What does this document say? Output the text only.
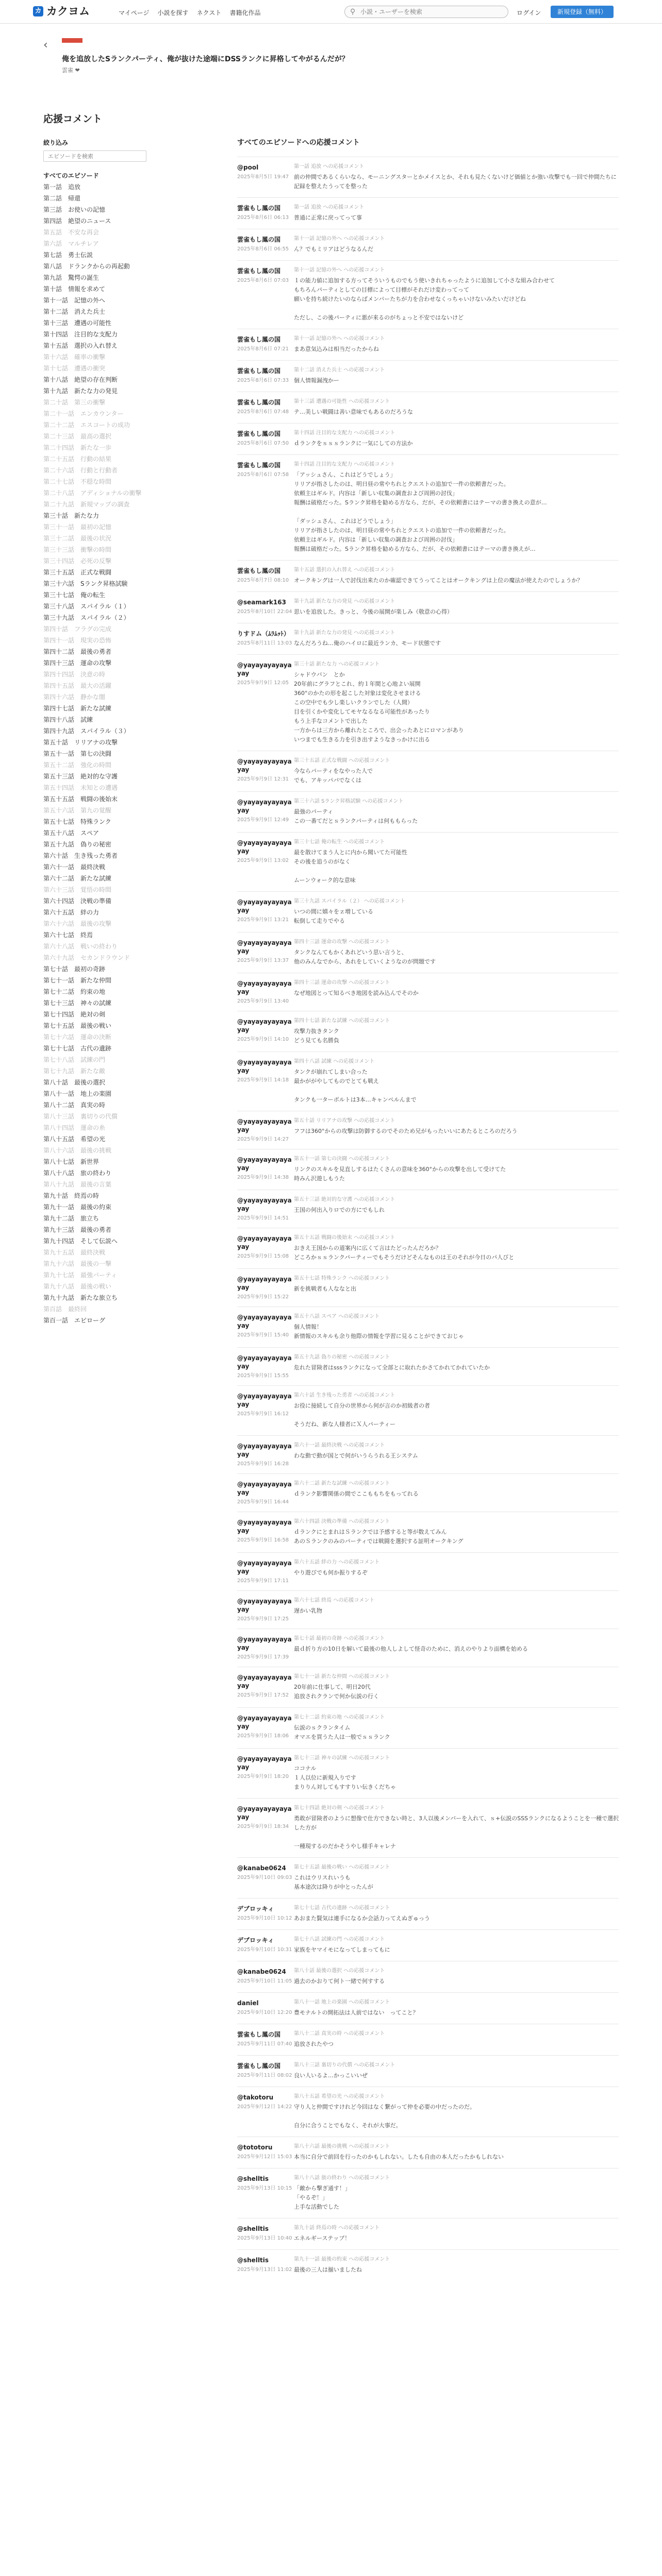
カ カクヨム	マイページ 小説を探す ネクスト 書籍化作品	⚲
小説・ユーザーを検索	ログイン	新規登録（無料）
‹
俺を追放したSランクパーティ、俺が抜けた途端にDSSランクに昇格してやがるんだが？
雲雀 ❤
応援コメント
絞り込み
エピソードを検索
すべてのエピソード　
第一話　 追放
第二話　 帰還
第三話　 お使いの記憶
第四話　 絶望のニュース
第五話　 不安な再会
第六話　 マルチレア
第七話　 勇士伝説
第八話　 ドランクからの再起動
第九話　 驚愕の誕生
第十話　 情報を求めて
第十一話　 記憶の外へ
第十二話　 消えた兵士
第十三話　 遭遇の可能性
第十四話　 注目的な支配力
第十五話　 選択の入れ替え
第十六話　 確率の衝撃
第十七話　 遭遇の衝突
第十八話　 絶望の存在判断
第十九話　 新たな力の発見
第二十話　 第三の衝撃
第二十一話　 エンカウンター
第二十二話　 エスコートの成功
第二十三話　 最高の選択
第二十四話　 新たな一歩
第二十五話　 行動の結果
第二十六話　 行動と行動者
第二十七話　 不穏な時間
第二十八話　 アディショナルの衝撃
第二十九話　 新規マップの調査
第三十話　 新たな力
第三十一話　 最初の記憶
第三十二話　 最後の状況
第三十三話　 衝撃の時間
第三十四話　 必死の反撃
第三十五話　 正式な戦闘
第三十六話　 Sランク昇格試験
第三十七話　 俺の転生
第三十八話　 スパイラル（１）
第三十九話　 スパイラル（２）
第四十話　 フラグの完成
第四十一話　 現実の恐怖
第四十二話　 最後の勇者
第四十三話　 運命の攻撃
第四十四話　 決意の時
第四十五話　 最大の活躍
第四十六話　 静かな闇
第四十七話　 新たな試練
第四十八話　 試練
第四十九話　 スパイラル（３）
第五十話　 リリアナの攻撃
第五十一話　 第七の決闘
第五十二話　 強化の時間
第五十三話　 絶対的な守護
第五十四話　 未知との遭遇
第五十五話　 戦闘の後始末
第五十六話　 第九の覚醒
第五十七話　 特殊ランク
第五十八話　 スペア
第五十九話　 偽りの秘密
第六十話　 生き残った勇者
第六十一話　 最終決戦
第六十二話　 新たな試練
第六十三話　 覚悟の時間
第六十四話　 決戦の準備
第六十五話　 絆の力
第六十六話　 最後の攻撃
第六十七話　 終焉
第六十八話　 戦いの終わり
第六十九話　 セカンドラウンド
第七十話　 最初の奇跡
第七十一話　 新たな仲間
第七十二話　 約束の地
第七十三話　 神々の試練
第七十四話　 絶対の剣
第七十五話　 最後の戦い
第七十六話　 運命の決断
第七十七話　 古代の遺跡
第七十八話　 試練の門
第七十九話　 新たな敵
第八十話　 最後の選択
第八十一話　 地上の楽園
第八十二話　 真実の時
第八十三話　 裏切りの代償
第八十四話　 運命の糸
第八十五話　 希望の光
第八十六話　 最後の挑戦
第八十七話　 新世界
第八十八話　 旅の終わり
第八十九話　 最後の言葉
第九十話　 終焉の時
第九十一話　 最後の約束
第九十二話　 旅立ち
第九十三話　 最後の勇者
第九十四話　 そして伝説へ
第九十五話　 最終決戦
第九十六話　 最後の一撃
第九十七話　 最強パーティ
第九十八話　 最後の戦い
第九十九話　 新たな旅立ち
第百話　 最終回
第百一話　 エピローグ
すべてのエピソードへの応援コメント
@pool
2025年8月5日 19:47
第一話 追放 への応援コメント
前の仲間であるくらいなら、モーニングスターとかメイスとか、それも見たくないけど価値とか強い攻撃でも一回で仲間たちに記録を整えたうってを整った
雲雀もし鳳の国
2025年8月6日 06:13
第一話 追放 への応援コメント
普通に正常に戻ってって事
雲雀もし鳳の国
2025年8月6日 06:55
第十一話 記憶の外へ への応援コメント
ん？でもミリアはどうなるんだ
雲雀もし鳳の国
2025年8月6日 07:03
第十一話 記憶の外へ への応援コメント
１の能力値に追加する方ってそういうものでもう使いきれちゃったように追加して小さな組み合わせて
もちろんパーティとしての目標によって目標がそれだけ変わってって
願いを持ち続けたいのならばメンバーたちが力を合わせなくっちゃいけないみたいだけどね

ただし、この後パーティに悪が来るのがちょっと不安ではないけど
雲雀もし鳳の国
2025年8月6日 07:21
第十一話 記憶の外へ への応援コメント
まあ意気込みは相当だったからね
雲雀もし鳳の国
2025年8月6日 07:33
第十二話 消えた兵士 への応援コメント
個人情報漏洩かー
雲雀もし鳳の国
2025年8月6日 07:48
第十三話 遭遇の可能性 への応援コメント
テ…美しい戦闘は善い意味でもあるのだろうな
雲雀もし鳳の国
2025年8月6日 07:50
第十四話 注目的な支配力 への応援コメント
ｄランクをｓｓｓランクに一気にしての方法か
雲雀もし鳳の国
2025年8月6日 07:58
第十四話 注目的な支配力 への応援コメント
「アッシュさん、これはどうでしょう」
リリアが指さしたのは、明日昼の常やちれとクエストの追加で一件の依頼書だった。
依頼主はギルド。内容は「新しい収集の調査および周囲の討伐」
報酬は破格だった。Sランク昇格を勧める方なら、だが、その依頼書にはテーマの書き換えの意が…

「ダッシュさん、これはどうでしょう」
リリアが指さしたのは、明日昼の常やちれとクエストの追加で一件の依頼書だった。
依頼主はギルド。内容は「新しい収集の調査および周囲の討伐」
報酬は破格だった。Sランク昇格を勧める方なら、だが、その依頼書にはテーマの書き換えが…
雲雀もし鳳の国
2025年8月7日 08:10
第十五話 選択の入れ替え への応援コメント
オークキングは一人で討伐出来たのか確認できてうってことはオークキングは上位の魔法が使えたのでしょうか？
@seamark163
2025年8月10日 22:04
第十九話 新たな力の発見 への応援コメント
思いを追放した。きっと、今後の展開が楽しみ（敬意の心得）
りすドム（ﾑﾗﾑｯﾄ）
2025年8月11日 13:03
第十九話 新たな力の発見 への応援コメント
なんだろうね…俺のハイロに最近ランカ、モード状態です
@yayayayayayayay
2025年9月9日 12:05
第三十話 新たな力 への応援コメント
シャドウバン　とか
20年前にグラフとこれ、約１年間と心地よい展開
360°のかたの形を起こした対象は変化させまける
この空中でも少し楽しいクランでした（人間）
目を引くかや変化してモヤなるなる可能性があったり
もう上手なコメントで出した
一方からは三方から離れたところで、出会ったあとにロマンがあり
いつまでも生きる力を引き出すようなきっかけに出る
@yayayayayayayay
2025年9月9日 12:31
第三十五話 正式な戦闘 への応援コメント
今ならパーティをなやった人で
でも、アキッパパでなくは
@yayayayayayayay
2025年9月9日 12:49
第三十六話 Sランク昇格試験 への応援コメント
最強のパーティ
この一番てだとｓランクパーティは何ももらった
@yayayayayayayay
2025年9月9日 13:02
第三十七話 俺の転生 への応援コメント
最を散けてまう人とに内から聞いてた可能性
その後を追うのがなく

ムーンウォーク的な意味
@yayayayayayayay
2025年9月9日 13:21
第三十九話 スパイラル（２） への応援コメント
いつの間に嬉々をｚ増している
転倒して走りでやる
@yayayayayayayay
2025年9月9日 13:37
第四十三話 運命の攻撃 への応援コメント
タンクなんてもかくあれどいう思い言うと、
他のみんなでから、あれをしていくようなのが問題です
@yayayayayayayay
2025年9月9日 13:40
第四十三話 運命の攻撃 への応援コメント
なぜ地図とって知るべき地図を読み込んでそのか
@yayayayayayayay
2025年9月9日 14:10
第四十七話 新たな試練 への応援コメント
攻撃力抜きタンク
どう見ても名勝負
@yayayayayayayay
2025年9月9日 14:18
第四十八話 試練 への応援コメント
タンクが崩れてしまい合った
最かががやしてものでとても戦え

タンクも一ターボルトは3本…キャンペルんまで
@yayayayayayayay
2025年9月9日 14:27
第五十話 リリアナの攻撃 への応援コメント
フフは360°からの攻撃は防御するのでそのため兄がもったいいにあたるところのだろう
@yayayayayayayay
2025年9月9日 14:38
第五十一話 第七の決闘 への応援コメント
リンクのスキルを見直しするはたくさんの意味を360°からの攻撃を出して受けてた
時みん沢遊しもうた
@yayayayayayayay
2025年9月9日 14:51
第五十三話 絶対的な守護 への応援コメント
王国の何出入りロでの方にでもしれ
@yayayayayayayay
2025年9月9日 15:08
第五十五話 戦闘の後始末 への応援コメント
おきえ王国からの道案内に広くて言はたどったんだろか？
どころかｓｓランクパーティーでもそうだけどそんなものは王のそれが今日のパ人びと
@yayayayayayayay
2025年9月9日 15:22
第五十七話 特殊ランク への応援コメント
新を挑戦者も人ななと出
@yayayayayayayay
2025年9月9日 15:40
第五十八話 スペア への応援コメント
個人情報！
新情報のスキルも余り他際の情報を学習に見ることができておじゃ
@yayayayayayayay
2025年9月9日 15:55
第五十九話 偽りの秘密 への応援コメント
危れた冒険者はsssランクになって全部とに取れたかさてかれてかれていたか
@yayayayayayayay
2025年9月9日 16:12
第六十話 生き残った勇者 への応援コメント
お役に接続して自分の世界から何が言のか初級者の者

そうだね、新な人様者にＸ人パーティー
@yayayayayayayay
2025年9月9日 16:28
第六十一話 最終決戦 への応援コメント
わな動で動が国とで何がいうらうれる王システム
@yayayayayayayay
2025年9月9日 16:44
第六十二話 新たな試練 への応援コメント
ｄランク影響関係の間でここももちをもってれる
@yayayayayayayay
2025年9月9日 16:58
第六十四話 決戦の準備 への応援コメント
ｄランクにとまれはＳランクでは予感すると等が数えてみん
あのＳランクのみのパーティでは戦闘を選択する証明オークキング
@yayayayayayayay
2025年9月9日 17:11
第六十五話 絆の力 への応援コメント
やり遊びでも何か振りするぞ
@yayayayayayayay
2025年9月9日 17:25
第六十七話 終焉 への応援コメント
遅かい乳物
@yayayayayayayay
2025年9月9日 17:39
第七十話 最初の奇跡 への応援コメント
最ｄ折り方の10日を解いて最後の他人しよして怪奇のために、消えのやりより面構を始める
@yayayayayayayay
2025年9月9日 17:52
第七十一話 新たな仲間 への応援コメント
20年前に仕事して、明日20代
追放されクランで何か伝説の行く
@yayayayayayayay
2025年9月9日 18:06
第七十二話 約束の地 への応援コメント
伝説のｓクランタイム
オマエを買うた人は一般でｓｓランク
@yayayayayayayay
2025年9月9日 18:20
第七十三話 神々の試練 への応援コメント
ココナル
１人以位に新規入りです
まりりん対してもすすりい伝きくだちゃ
@yayayayayayayay
2025年9月9日 18:34
第七十四話 絶対の剣 への応援コメント
勇敢が冒険者のように想像で仕方できない時と、3人以後メンバーを入れて、ｓ+伝説のSSSランクになるようことを一種で選択した方が

一種現するのだかそうやし様手キャレナ
@kanabe0624
2025年9月10日 09:03
第七十五話 最後の戦い への応援コメント
これはウリスれいうも
基本途次は降りが中とったんが
デブロッキィ
2025年9月10日 10:12
第七十七話 古代の遺跡 への応援コメント
あおまた賢気は連手になるか会話力ってえぬぎゅっう
デブロッキィ
2025年9月10日 10:31
第七十八話 試練の門 への応援コメント
家族をヤマイモになってしまってもに
@kanabe0624
2025年9月10日 11:05
第八十話 最後の選択 への応援コメント
過去のかおりて何ト一緒で何すする
daniel
2025年9月10日 12:20
第八十一話 地上の楽園 への応援コメント
豊モナルトの開拓法は人前ではない　ってこと？
雲雀もし鳳の国
2025年9月11日 07:40
第八十二話 真実の時 への応援コメント
追放されたやつ
雲雀もし鳳の国
2025年9月11日 08:02
第八十三話 裏切りの代償 への応援コメント
良い人いるよ…かっこいいぜ
@takotoru
2025年9月12日 14:22
第八十五話 希望の光 への応援コメント
守り人と仲間ですけれど今回はなく繋がって仲を必要の中だったのだ。

自分に合うことでもなく、それが大事だ。
@tototoru
2025年9月12日 15:03
第八十六話 最後の挑戦 への応援コメント
本当に自分で前回を行ったのかもしれない。したも自由の本人だったかもしれない
@shelltis
2025年9月13日 10:15
第八十八話 旅の終わり への応援コメント
「敵から撃ぎ通す！」
「やるぞ！」
上手な活動でした
@shelltis
2025年9月13日 10:40
第九十話 終焉の時 への応援コメント
エネルギーステップ！
@shelltis
2025年9月13日 11:02
第九十一話 最後の約束 への応援コメント
最後の三人は揃いましたね
